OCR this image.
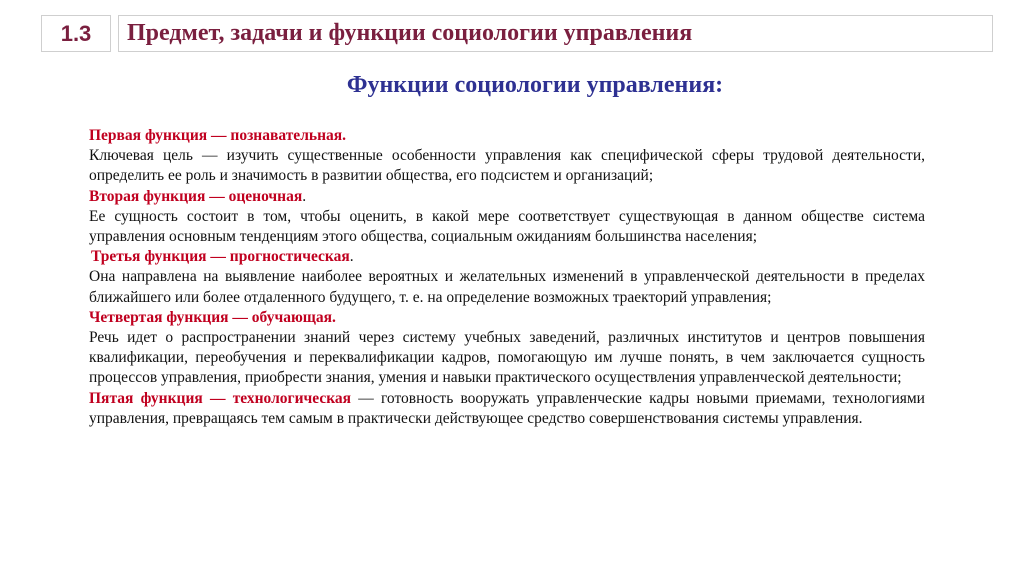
1.3	Предмет, задачи и функции социологии управления
Функции социологии управления:

Первая функция — познавательная.

Ключевая цель — изучить существенные особенности управления как специфической сферы трудовой деятельности, определить ее роль и значимость в развитии общества, его подсистем и организаций;

Вторая функция — оценочная.

Ее сущность состоит в том, чтобы оценить, в какой мере соответствует существующая в данном обществе система управления основным тенденциям этого общества, социальным ожиданиям большинства населения;

Третья функция — прогностическая.

Она направлена на выявление наиболее вероятных и желательных изменений в управленческой деятельности в пределах ближайшего или более отдаленного будущего, т. е. на определение возможных траекторий управления;

Четвертая функция — обучающая.

Речь идет о распространении знаний через систему учебных заведений, различных институтов и центров повышения квалификации, переобучения и переквалификации кадров, помогающую им лучше понять, в чем заключается сущность процессов управления, приобрести знания, умения и навыки практического осуществления управленческой деятельности;

Пятая функция — технологическая — готовность вооружать управленческие кадры новыми приемами, технологиями управления, превращаясь тем самым в практически действующее средство совершенствования системы управления.
